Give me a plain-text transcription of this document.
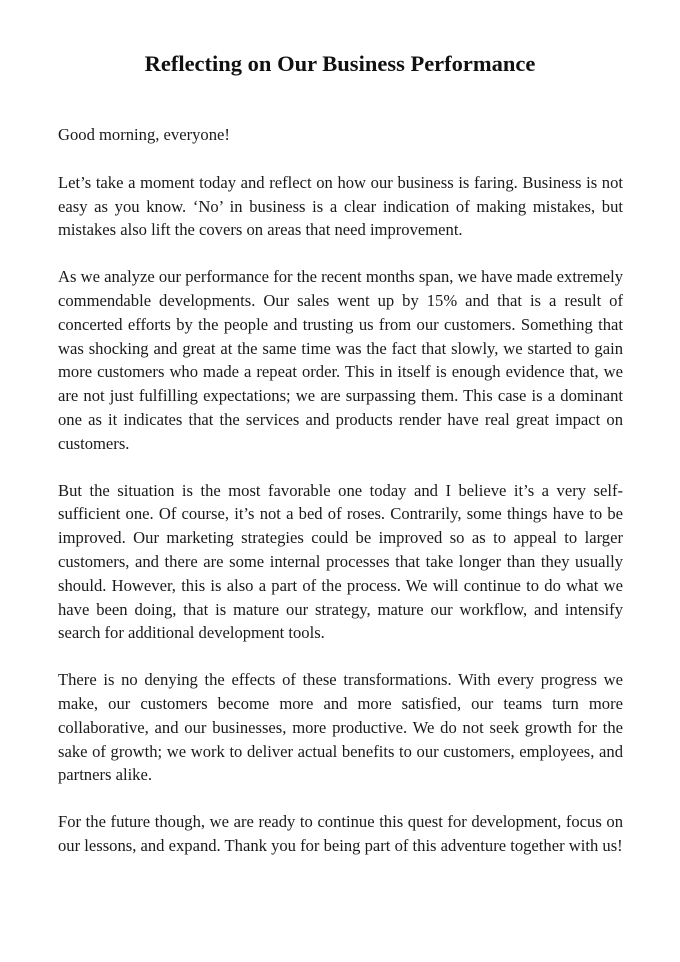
Reflecting on Our Business Performance

Good morning, everyone!

Let’s take a moment today and reflect on how our business is faring. Business is not easy as you know. ‘No’ in business is a clear indication of making mistakes, but mistakes also lift the covers on areas that need improvement.

As we analyze our performance for the recent months span, we have made extremely commendable developments. Our sales went up by 15% and that is a result of concerted efforts by the people and trusting us from our customers. Something that was shocking and great at the same time was the fact that slowly, we started to gain more customers who made a repeat order. This in itself is enough evidence that, we are not just fulfilling expectations; we are surpassing them. This case is a dominant one as it indicates that the services and products render have real great impact on customers.

But the situation is the most favorable one today and I believe it’s a very self-sufficient one. Of course, it’s not a bed of roses. Contrarily, some things have to be improved. Our marketing strategies could be improved so as to appeal to larger customers, and there are some internal processes that take longer than they usually should. However, this is also a part of the process. We will continue to do what we have been doing, that is mature our strategy, mature our workflow, and intensify search for additional development tools.

There is no denying the effects of these transformations. With every progress we make, our customers become more and more satisfied, our teams turn more collaborative, and our businesses, more productive. We do not seek growth for the sake of growth; we work to deliver actual benefits to our customers, employees, and partners alike.

For the future though, we are ready to continue this quest for development, focus on our lessons, and expand. Thank you for being part of this adventure together with us!
